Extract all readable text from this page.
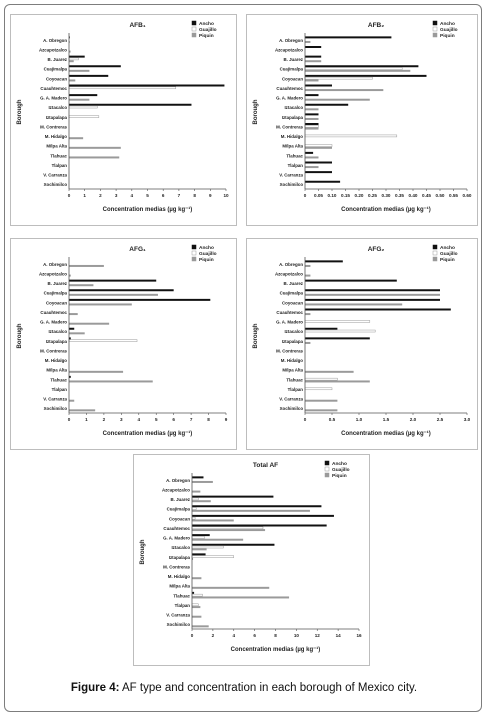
AFB₁
Borough
A. Obregon
Azcapotzalco
B. Juarez
Cuajimalpa
Coyoacan
Cuauhtemoc
G. A. Madero
Iztacalco
Iztapalapa
M. Contreras
M. Hidalgo
Milpa Alta
Tlahuac
Tlalpan
V. Carranza
Xochimilco
0	1	2	3	4	5	6	7	8	9	10
Concentration medias (µg kg⁻¹)
Ancho
Guajillo
Piquin
AFB₂
Borough
A. Obregon
Azcapotzalco
B. Juarez
Cuajimalpa
Coyoacan
Cuauhtemoc
G. A. Madero
Iztacalco
Iztapalapa
M. Contreras
M. Hidalgo
Milpa Alta
Tlahuac
Tlalpan
V. Carranza
Xochimilco
0 0.05 0.10 0.15 0.20 0.25 0.30 0.35 0.40 0.45 0.50 0.55 0.60
Concentration medias (µg kg⁻¹)
Ancho
Guajillo
Piquin
AFG₁
Borough
A. Obregon
Azcapotzalco
B. Juarez
Cuajimalpa
Coyoacan
Cuauhtemoc
G. A. Madero
Iztacalco
Iztapalapa
M. Contreras
M. Hidalgo
Milpa Alta
Tlahuac
Tlalpan
V. Carranza
Xochimilco
0	1	2	3	4	5	6	7	8	9
Concentration medias (µg kg⁻¹)
Ancho
Guajillo
Piquin
AFG₂
Borough
A. Obregon
Azcapotzalco
B. Juarez
Cuajimalpa
Coyoacan
Cuauhtemoc
G. A. Madero
Iztacalco
Iztapalapa
M. Contreras
M. Hidalgo
Milpa Alta
Tlahuac
Tlalpan
V. Carranza
Xochimilco
0	0.5	1.0	1.5	2.0	2.5	3.0
Concentration medias (µg kg⁻¹)
Ancho
Guajillo
Piquin
Total AF
Borough
A. Obregon
Azcapotzalco
B. Juarez
Cuajimalpa
Coyoacan
Cuauhtemoc
G. A. Madero
Iztacalco
Iztapalapa
M. Contreras
M. Hidalgo
Milpa Alta
Tlahuac
Tlalpan
V. Carranza
Xochimilco
0	2	4	6	8	10	12	14	16
Concentration medias (µg kg⁻¹)
Ancho
Guajillo
Piquin
Figure 4: AF type and concentration in each borough of Mexico city.
